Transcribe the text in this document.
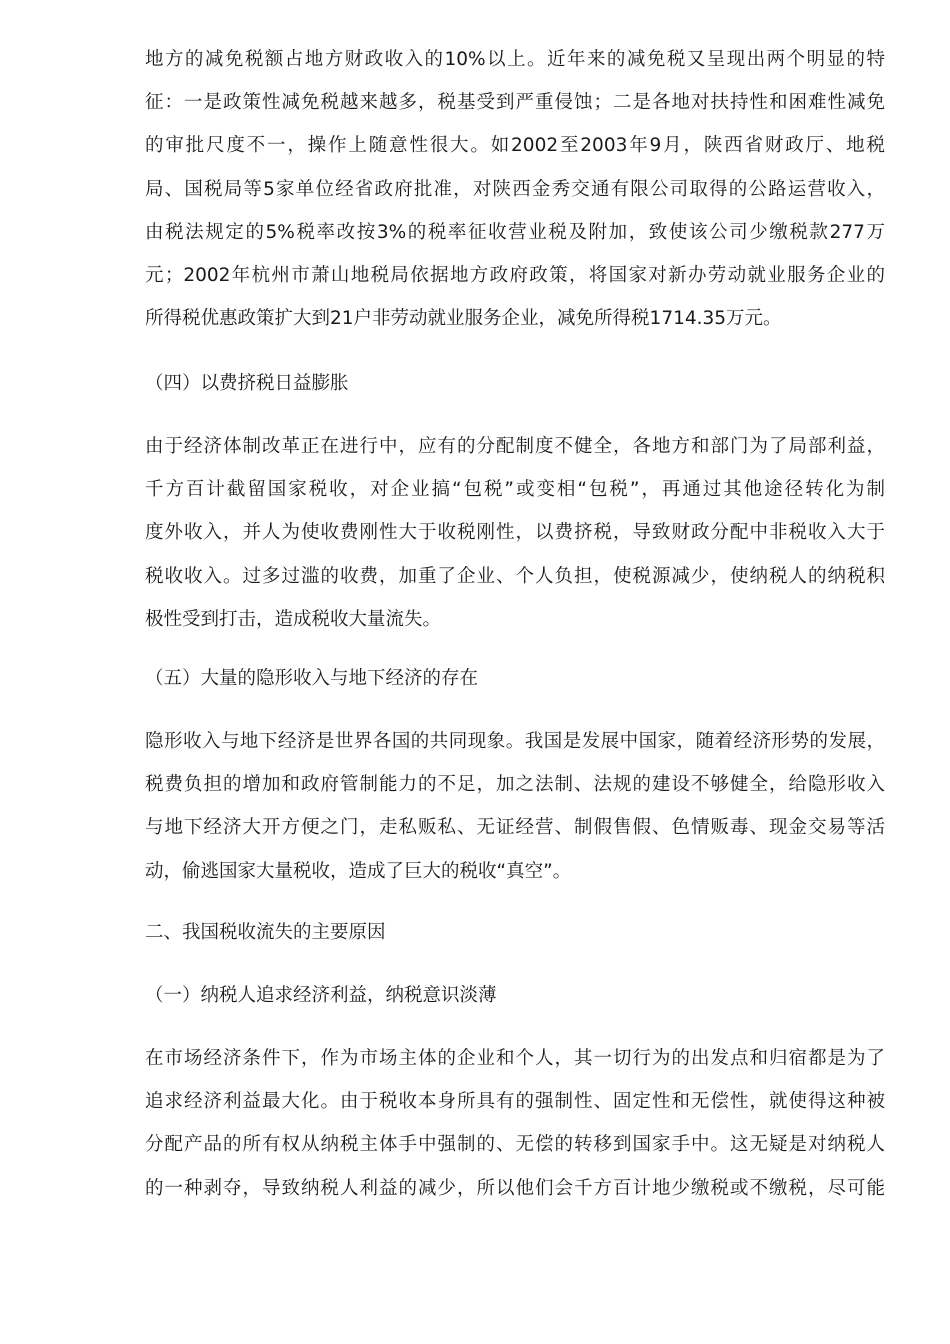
地方的减免税额占地方财政收入的10%以上。近年来的减免税又呈现出两个明显的特
征：一是政策性减免税越来越多，税基受到严重侵蚀；二是各地对扶持性和困难性减免
的审批尺度不一，操作上随意性很大。如2002至2003年9月，陕西省财政厅、地税
局、国税局等5家单位经省政府批准，对陕西金秀交通有限公司取得的公路运营收入，
由税法规定的5%税率改按3%的税率征收营业税及附加，致使该公司少缴税款277万
元；2002年杭州市萧山地税局依据地方政府政策，将国家对新办劳动就业服务企业的
所得税优惠政策扩大到21户非劳动就业服务企业，减免所得税1714.35万元。
（四）以费挤税日益膨胀
由于经济体制改革正在进行中，应有的分配制度不健全，各地方和部门为了局部利益，
千方百计截留国家税收，对企业搞“包税”或变相“包税”，再通过其他途径转化为制
度外收入，并人为使收费刚性大于收税刚性，以费挤税，导致财政分配中非税收入大于
税收收入。过多过滥的收费，加重了企业、个人负担，使税源减少，使纳税人的纳税积
极性受到打击，造成税收大量流失。
（五）大量的隐形收入与地下经济的存在
隐形收入与地下经济是世界各国的共同现象。我国是发展中国家，随着经济形势的发展，
税费负担的增加和政府管制能力的不足，加之法制、法规的建设不够健全，给隐形收入
与地下经济大开方便之门，走私贩私、无证经营、制假售假、色情贩毒、现金交易等活
动，偷逃国家大量税收，造成了巨大的税收“真空”。
二、我国税收流失的主要原因
（一）纳税人追求经济利益，纳税意识淡薄
在市场经济条件下，作为市场主体的企业和个人，其一切行为的出发点和归宿都是为了
追求经济利益最大化。由于税收本身所具有的强制性、固定性和无偿性，就使得这种被
分配产品的所有权从纳税主体手中强制的、无偿的转移到国家手中。这无疑是对纳税人
的一种剥夺，导致纳税人利益的减少，所以他们会千方百计地少缴税或不缴税，尽可能
